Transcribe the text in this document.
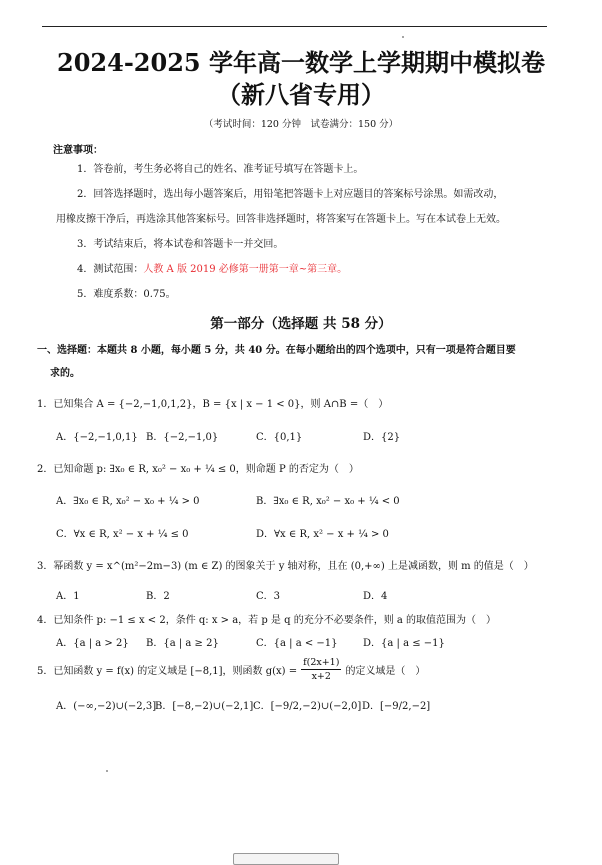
2024-2025 学年高一数学上学期期中模拟卷
（新八省专用）
（考试时间：120 分钟　试卷满分：150 分）
注意事项：
1．答卷前，考生务必将自己的姓名、准考证号填写在答题卡上。
2．回答选择题时，选出每小题答案后，用铅笔把答题卡上对应题目的答案标号涂黑。如需改动，
用橡皮擦干净后，再选涂其他答案标号。回答非选择题时，将答案写在答题卡上。写在本试卷上无效。
3．考试结束后，将本试卷和答题卡一并交回。
4．测试范围：人教 A 版 2019 必修第一册第一章~第三章。
5．难度系数：0.75。
第一部分（选择题 共 58 分）
一、选择题：本题共 8 小题，每小题 5 分，共 40 分。在每小题给出的四个选项中，只有一项是符合题目要
求的。
1．已知集合 A = {−2,−1,0,1,2}，B = {x | x − 1 < 0}，则 A∩B =（　）
A．{−2,−1,0,1} B．{−2,−1,0}	C．{0,1}	D．{2}
2．已知命题 p: ∃x₀ ∈ R, x₀² − x₀ + ¼ ≤ 0，则命题 P 的否定为（　）
A．∃x₀ ∈ R, x₀² − x₀ + ¼ > 0	B．∃x₀ ∈ R, x₀² − x₀ + ¼ < 0
C．∀x ∈ R, x² − x + ¼ ≤ 0	D．∀x ∈ R, x² − x + ¼ > 0
3．幂函数 y = x^(m²−2m−3) (m ∈ Z) 的图象关于 y 轴对称，且在 (0,+∞) 上是减函数，则 m 的值是（　）
A．1	B．2	C．3	D．4
4．已知条件 p: −1 ≤ x < 2，条件 q: x > a，若 p 是 q 的充分不必要条件，则 a 的取值范围为（　）
A．{a | a > 2} B．{a | a ≥ 2}	C．{a | a < −1}	D．{a | a ≤ −1}
5．已知函数 y = f(x) 的定义域是 [−8,1]，则函数 $g(x) = \frac{f(2x+1)}{x+2}$ 的定义域是（　）
A．(−∞,−2)∪(−2,3]
B．[−8,−2)∪(−2,1] C．[−9/2,−2)∪(−2,0] D．[−9/2,−2]
